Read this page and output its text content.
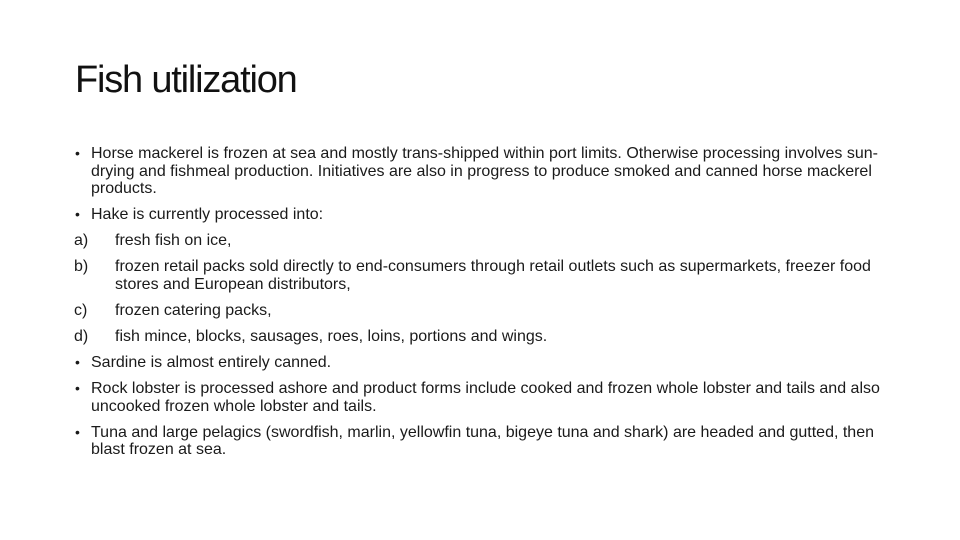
Fish utilization
• Horse mackerel is frozen at sea and mostly trans-shipped within port limits. Otherwise processing involves sun-drying and fishmeal production. Initiatives are also in progress to produce smoked and canned horse mackerel products.
• Hake is currently processed into:
a) fresh fish on ice,
b) frozen retail packs sold directly to end-consumers through retail outlets such as supermarkets, freezer food stores and European distributors,
c) frozen catering packs,
d) fish mince, blocks, sausages, roes, loins, portions and wings.
• Sardine is almost entirely canned.
• Rock lobster is processed ashore and product forms include cooked and frozen whole lobster and tails and also uncooked frozen whole lobster and tails.
• Tuna and large pelagics (swordfish, marlin, yellowfin tuna, bigeye tuna and shark) are headed and gutted, then blast frozen at sea.
